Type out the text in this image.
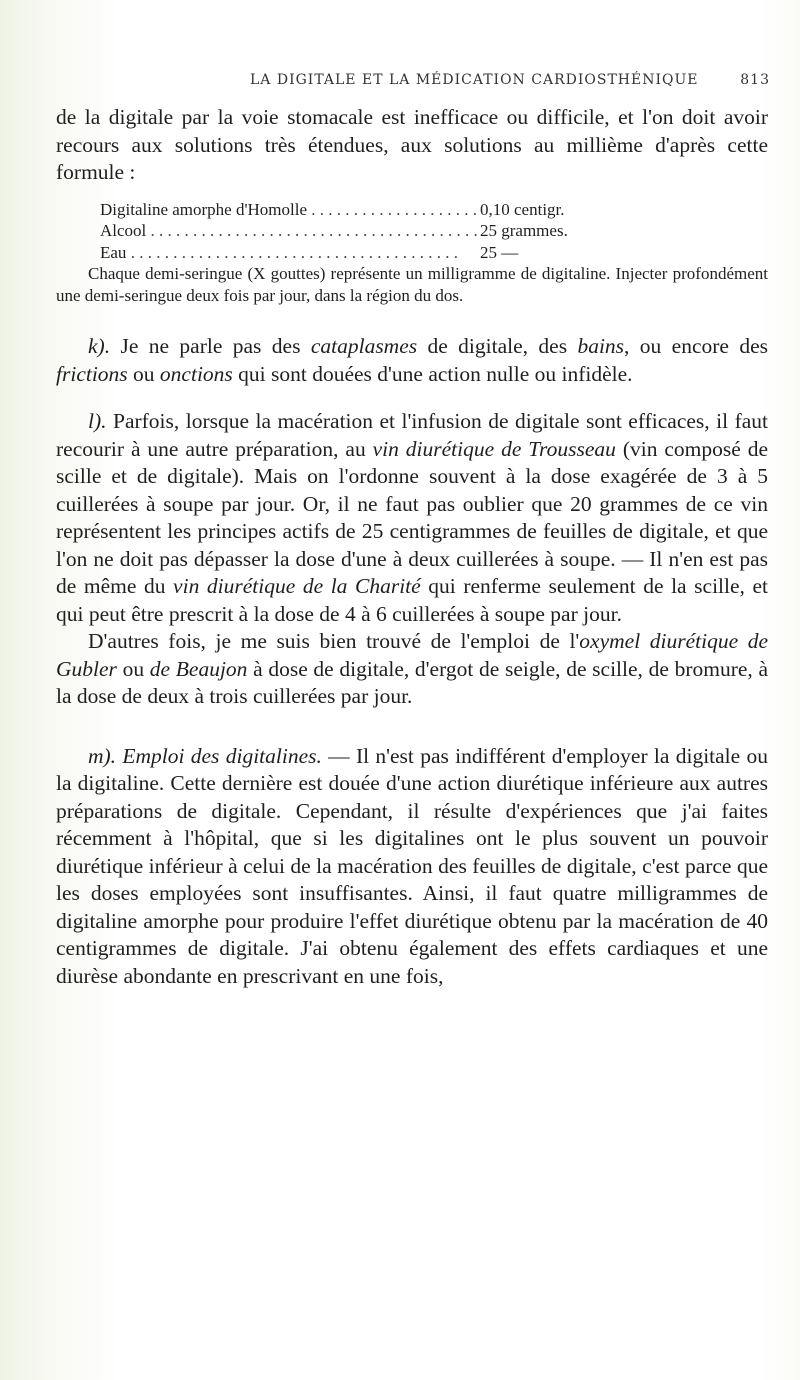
LA DIGITALE ET LA MÉDICATION CARDIOSTHÉNIQUE	813

de la digitale par la voie stomacale est inefficace ou difficile, et l'on doit avoir recours aux solutions très étendues, aux solutions au millième d'après cette formule :

Digitaline amorphe d'Homolle . . .	0,10 centigr.
Alcool . . .	25 grammes.
Eau . . .	25 —

Chaque demi-seringue (X gouttes) représente un milligramme de digitaline. Injecter profondément une demi-seringue deux fois par jour, dans la région du dos.

k). Je ne parle pas des cataplasmes de digitale, des bains, ou encore des frictions ou onctions qui sont douées d'une action nulle ou infidèle.

l). Parfois, lorsque la macération et l'infusion de digitale sont efficaces, il faut recourir à une autre préparation, au vin diurétique de Trousseau (vin composé de scille et de digitale). Mais on l'ordonne souvent à la dose exagérée de 3 à 5 cuillerées à soupe par jour. Or, il ne faut pas oublier que 20 grammes de ce vin représentent les principes actifs de 25 centigrammes de feuilles de digitale, et que l'on ne doit pas dépasser la dose d'une à deux cuillerées à soupe. — Il n'en est pas de même du vin diurétique de la Charité qui renferme seulement de la scille, et qui peut être prescrit à la dose de 4 à 6 cuillerées à soupe par jour.

D'autres fois, je me suis bien trouvé de l'emploi de l'oxymel diurétique de Gubler ou de Beaujon à dose de digitale, d'ergot de seigle, de scille, de bromure, à la dose de deux à trois cuillerées par jour.

m). Emploi des digitalines. — Il n'est pas indifférent d'employer la digitale ou la digitaline. Cette dernière est douée d'une action diurétique inférieure aux autres préparations de digitale. Cependant, il résulte d'expériences que j'ai faites récemment à l'hôpital, que si les digitalines ont le plus souvent un pouvoir diurétique inférieur à celui de la macération des feuilles de digitale, c'est parce que les doses employées sont insuffisantes. Ainsi, il faut quatre milligrammes de digitaline amorphe pour produire l'effet diurétique obtenu par la macération de 40 centigrammes de digitale. J'ai obtenu également des effets cardiaques et une diurèse abondante en prescrivant en une fois,
